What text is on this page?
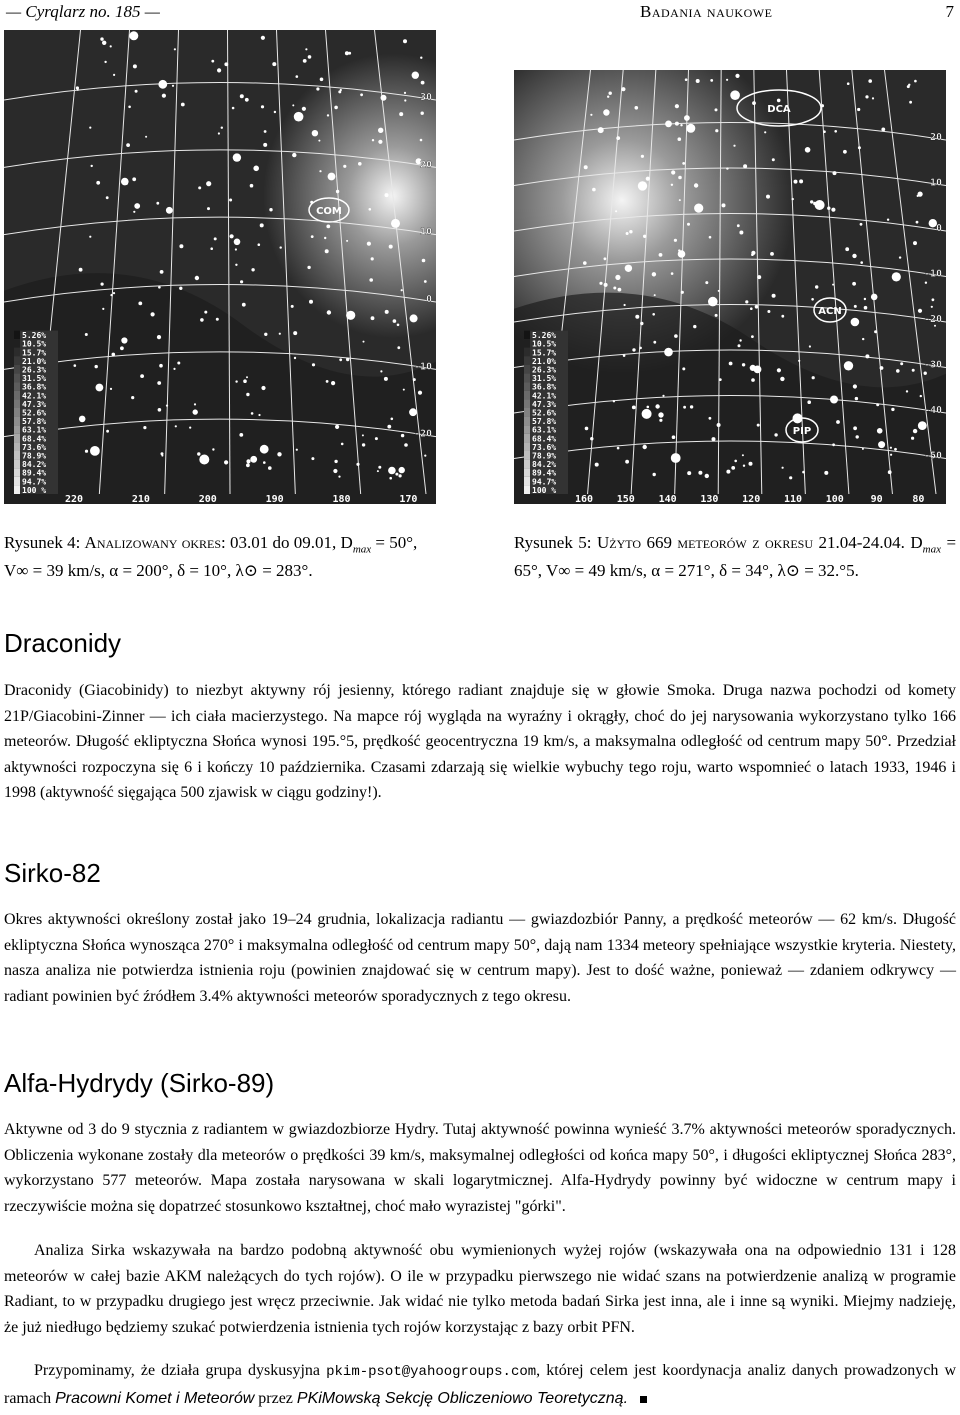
— Cyrqlarz no. 185 —	Badania naukowe	7
5.26%
10.5%
15.7%
21.0%
26.3%
31.5%
36.8%
42.1%
47.3%
52.6%
57.8%
63.1%
68.4%
73.6%
78.9%
84.2%
89.4%
94.7%
100 %
30
20
10
0
-10
-20
220	210	200	190	180	170
COM
Rysunek 4: Analizowany okres: 03.01 do 09.01, $D_{max} = 50^\circ$, V∞ = 39 km/s, α = 200°, δ = 10°, λ⊙ = 283°.
5.26%
10.5%
15.7%
21.0%
26.3%
31.5%
36.8%
42.1%
47.3%
52.6%
57.8%
63.1%
68.4%
73.6%
78.9%
84.2%
89.4%
94.7%
100 %
20
10
0
-10
-20
-30
-40
-50
160 150 140 130 120 110 100	90	80
DCA
ACN
PIP
Rysunek 5: Użyto 669 meteorów z okresu 21.04-24.04. $D_{max} = 65^\circ$, V∞ = 49 km/s, α = 271°, δ = 34°, λ⊙ = 32.°5.
Draconidy

Draconidy (Giacobinidy) to niezbyt aktywny rój jesienny, którego radiant znajduje się w głowie Smoka. Druga nazwa pochodzi od komety 21P/Giacobini-Zinner — ich ciała macierzystego. Na mapce rój wygląda na wyraźny i okrągły, choć do jej narysowania wykorzystano tylko 166 meteorów. Długość ekliptyczna Słońca wynosi 195.°5, prędkość geocentryczna 19 km/s, a maksymalna odległość od centrum mapy 50°. Przedział aktywności rozpoczyna się 6 i kończy 10 października. Czasami zdarzają się wielkie wybuchy tego roju, warto wspomnieć o latach 1933, 1946 i 1998 (aktywność sięgająca 500 zjawisk w ciągu godziny!).

Sirko-82

Okres aktywności określony został jako 19–24 grudnia, lokalizacja radiantu — gwiazdozbiór Panny, a prędkość meteorów — 62 km/s. Długość ekliptyczna Słońca wynosząca 270° i maksymalna odległość od centrum mapy 50°, dają nam 1334 meteory spełniające wszystkie kryteria. Niestety, nasza analiza nie potwierdza istnienia roju (powinien znajdować się w centrum mapy). Jest to dość ważne, ponieważ — zdaniem odkrywcy — radiant powinien być źródłem 3.4% aktywności meteorów sporadycznych z tego okresu.

Alfa-Hydrydy (Sirko-89)

Aktywne od 3 do 9 stycznia z radiantem w gwiazdozbiorze Hydry. Tutaj aktywność powinna wynieść 3.7% aktywności meteorów sporadycznych. Obliczenia wykonane zostały dla meteorów o prędkości 39 km/s, maksymalnej odległości od końca mapy 50°, i długości ekliptycznej Słońca 283°, wykorzystano 577 meteorów. Mapa została narysowana w skali logarytmicznej. Alfa-Hydrydy powinny być widoczne w centrum mapy i rzeczywiście można się dopatrzeć stosunkowo kształtnej, choć mało wyrazistej "górki".

Analiza Sirka wskazywała na bardzo podobną aktywność obu wymienionych wyżej rojów (wskazywała ona na odpowiednio 131 i 128 meteorów w całej bazie AKM należących do tych rojów). O ile w przypadku pierwszego nie widać szans na potwierdzenie analizą w programie Radiant, to w przypadku drugiego jest wręcz przeciwnie. Jak widać nie tylko metoda badań Sirka jest inna, ale i inne są wyniki. Miejmy nadzieję, że już niedługo będziemy szukać potwierdzenia istnienia tych rojów korzystając z bazy orbit PFN.

Przypominamy, że działa grupa dyskusyjna pkim-psot@yahoogroups.com, której celem jest koordynacja analiz danych prowadzonych w ramach Pracowni Komet i Meteorów przez PKiMowską Sekcję Obliczeniowo Teoretyczną.
